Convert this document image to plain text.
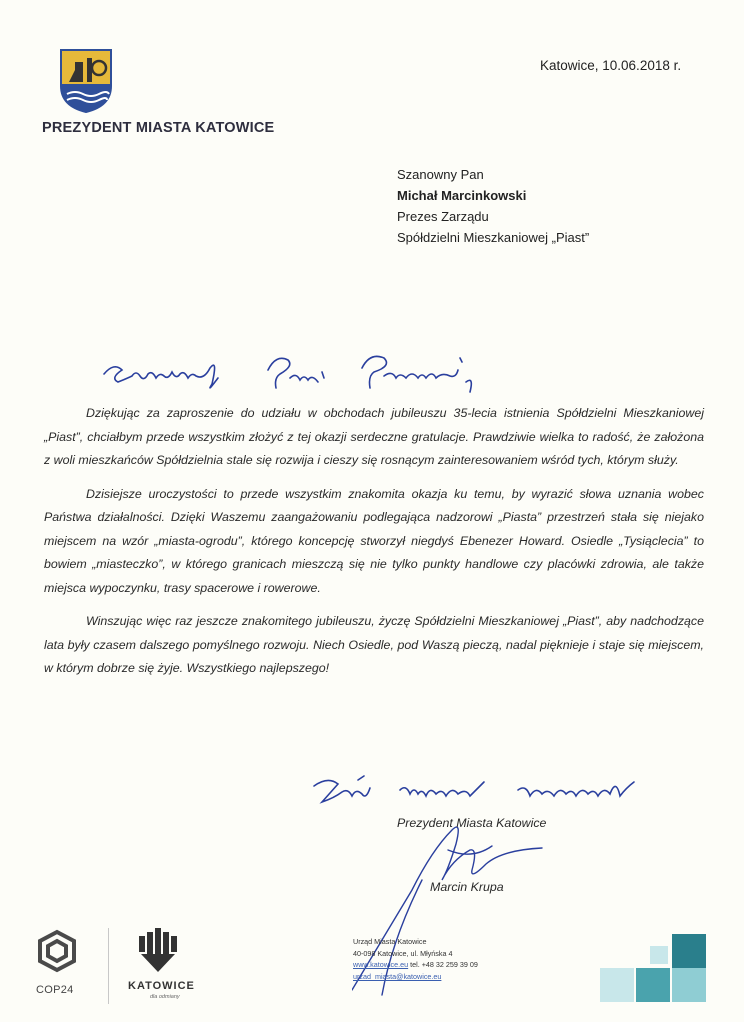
PREZYDENT MIASTA KATOWICE
Katowice, 10.06.2018 r.
Szanowny Pan
Michał Marcinkowski
Prezes Zarządu
Spółdzielni Mieszkaniowej „Piast”

Dziękując za zaproszenie do udziału w obchodach jubileuszu 35-lecia istnienia Spółdzielni Mieszkaniowej „Piast”, chciałbym przede wszystkim złożyć z tej okazji serdeczne gratulacje. Prawdziwie wielka to radość, że założona z woli mieszkańców Spółdzielnia stale się rozwija i cieszy się rosnącym zainteresowaniem wśród tych, którym służy.

Dzisiejsze uroczystości to przede wszystkim znakomita okazja ku temu, by wyrazić słowa uznania wobec Państwa działalności. Dzięki Waszemu zaangażowaniu podlegająca nadzorowi „Piasta” przestrzeń stała się niejako miejscem na wzór „miasta-ogrodu”, którego koncepcję stworzył niegdyś Ebenezer Howard. Osiedle „Tysiąclecia” to bowiem „miasteczko”, w którego granicach mieszczą się nie tylko punkty handlowe czy placówki zdrowia, ale także miejsca wypoczynku, trasy spacerowe i rowerowe.

Winszując więc raz jeszcze znakomitego jubileuszu, życzę Spółdzielni Mieszkaniowej „Piast”, aby nadchodzące lata były czasem dalszego pomyślnego rozwoju. Niech Osiedle, pod Waszą pieczą, nadal pięknieje i staje się miejscem, w którym dobrze się żyje. Wszystkiego najlepszego!

Prezydent Miasta Katowice
Marcin Krupa
COP24	KATOWICE
dla odmiany
Urząd Miasta Katowice
40-098 Katowice, ul. Młyńska 4
www.katowice.eu tel. +48 32 259 39 09
urzad_miasta@katowice.eu
